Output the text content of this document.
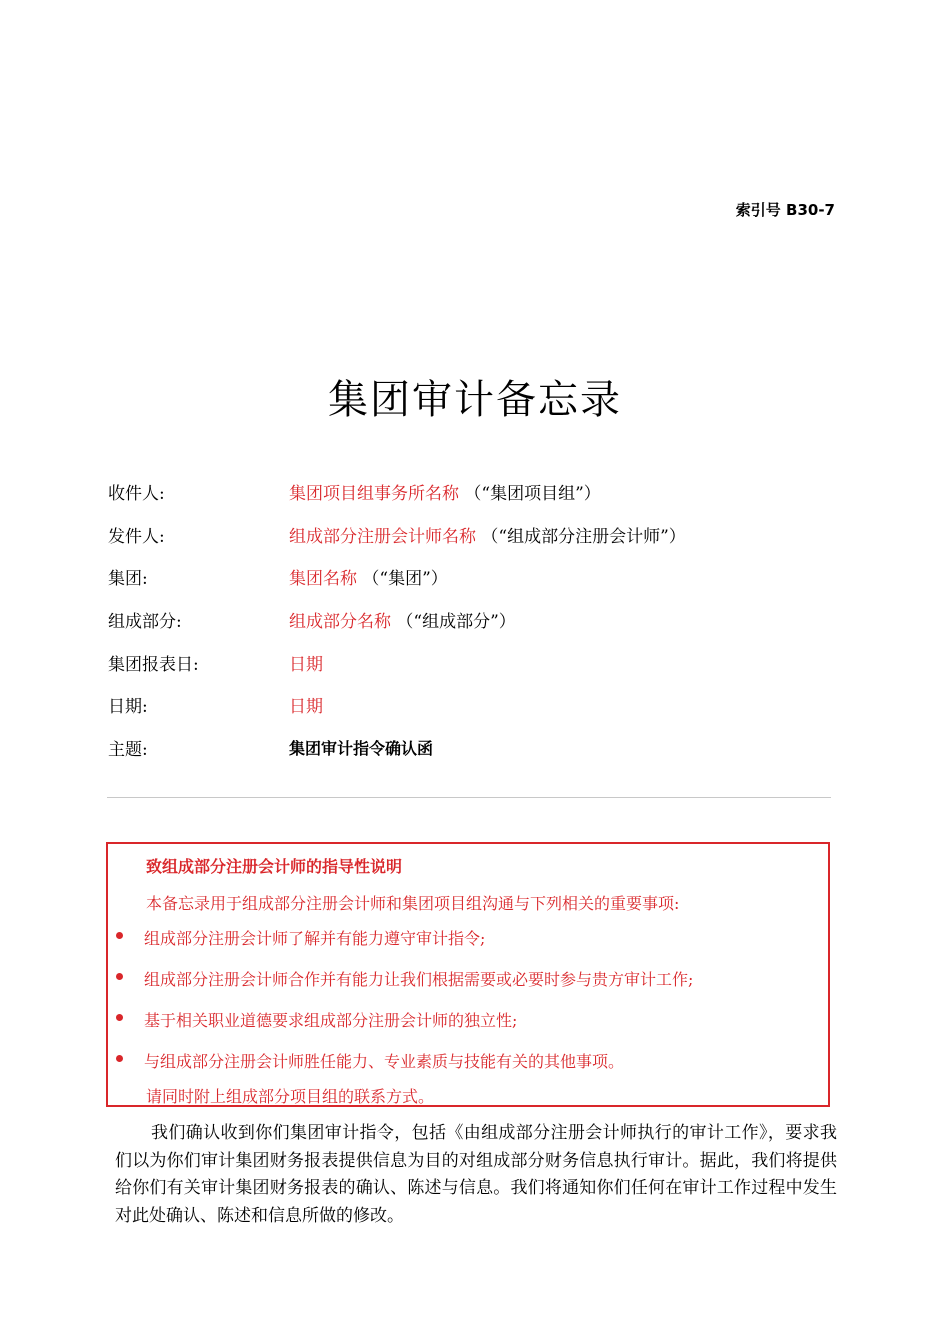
索引号 B30-7
集团审计备忘录
收件人:	集团项目组事务所名称 （“集团项目组”）
发件人:	组成部分注册会计师名称 （“组成部分注册会计师”）
集团:	集团名称 （“集团”）
组成部分:	组成部分名称 （“组成部分”）
集团报表日:	日期
日期:	日期
主题:	集团审计指令确认函
致组成部分注册会计师的指导性说明
本备忘录用于组成部分注册会计师和集团项目组沟通与下列相关的重要事项:
组成部分注册会计师了解并有能力遵守审计指令;
组成部分注册会计师合作并有能力让我们根据需要或必要时参与贵方审计工作;
基于相关职业道德要求组成部分注册会计师的独立性;
与组成部分注册会计师胜任能力、专业素质与技能有关的其他事项。
请同时附上组成部分项目组的联系方式。
我们确认收到你们集团审计指令，包括《由组成部分注册会计师执行的审计工作》，要求我们以为你们审计集团财务报表提供信息为目的对组成部分财务信息执行审计。据此，我们将提供给你们有关审计集团财务报表的确认、陈述与信息。我们将通知你们任何在审计工作过程中发生对此处确认、陈述和信息所做的修改。
